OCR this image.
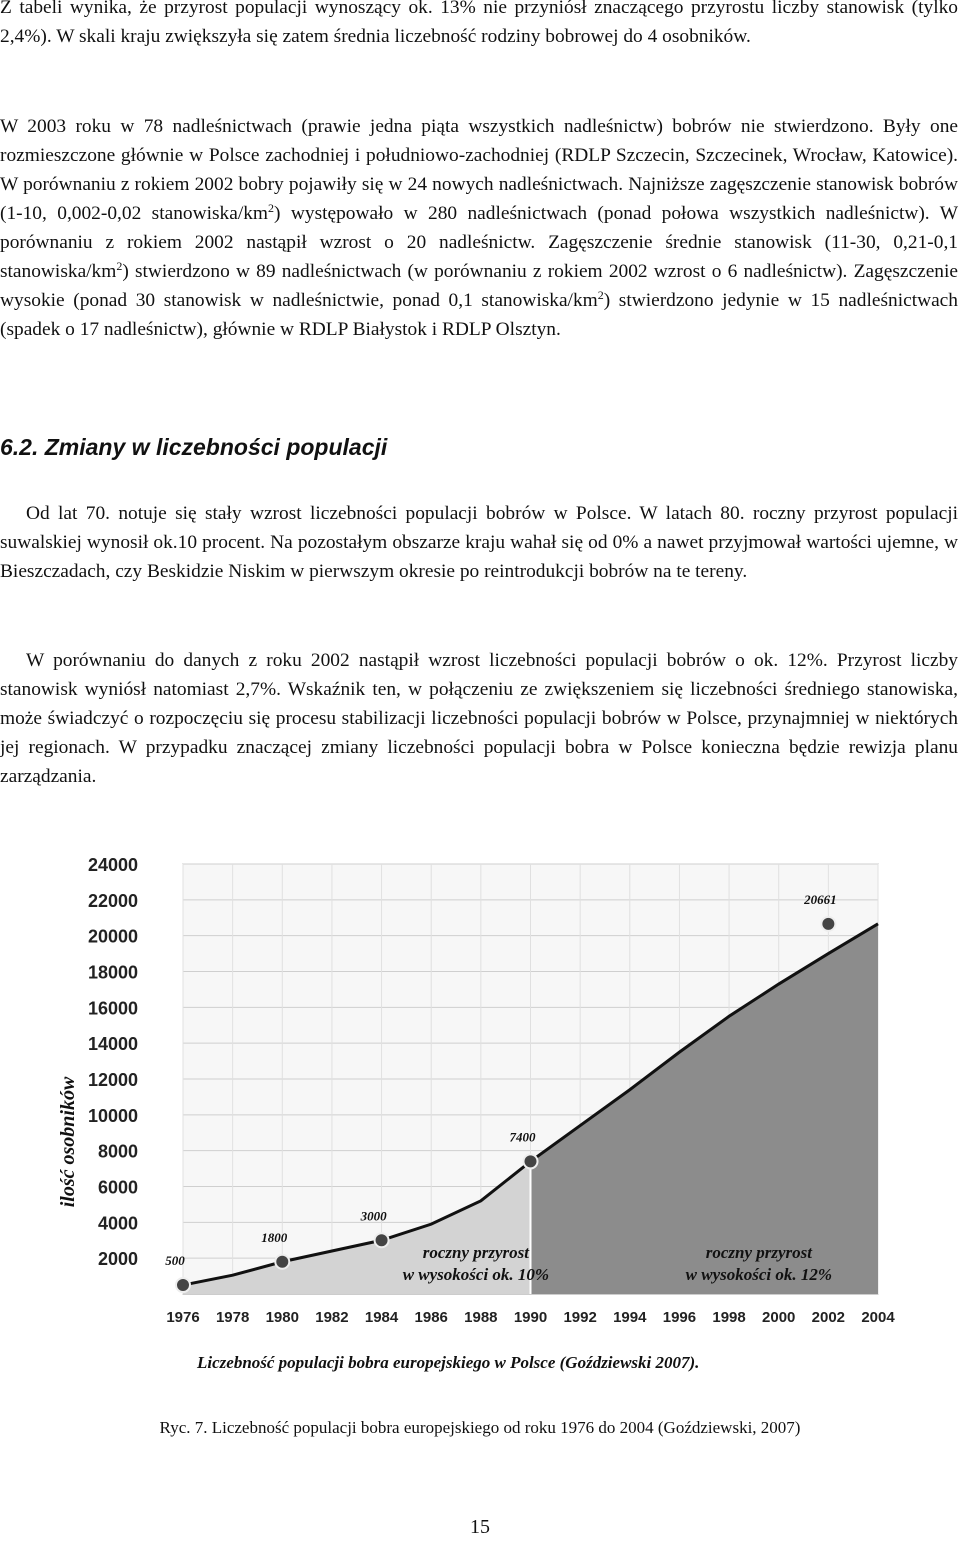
Z tabeli wynika, że przyrost populacji wynoszący ok. 13% nie przyniósł znaczącego przyrostu liczby stanowisk (tylko 2,4%). W skali kraju zwiększyła się zatem średnia liczebność rodziny bobrowej do 4 osobników.

W 2003 roku w 78 nadleśnictwach (prawie jedna piąta wszystkich nadleśnictw) bobrów nie stwierdzono. Były one rozmieszczone głównie w Polsce zachodniej i południowo-zachodniej (RDLP Szczecin, Szczecinek, Wrocław, Katowice). W porównaniu z rokiem 2002 bobry pojawiły się w 24 nowych nadleśnictwach. Najniższe zagęszczenie stanowisk bobrów (1-10, 0,002-0,02 stanowiska/$km^2$) występowało w 280 nadleśnictwach (ponad połowa wszystkich nadleśnictw). W porównaniu z rokiem 2002 nastąpił wzrost o 20 nadleśnictw. Zagęszczenie średnie stanowisk (11-30, 0,21-0,1 stanowiska/$km^2$) stwierdzono w 89 nadleśnictwach (w porównaniu z rokiem 2002 wzrost o 6 nadleśnictw). Zagęszczenie wysokie (ponad 30 stanowisk w nadleśnictwie, ponad 0,1 stanowiska/$km^2$) stwierdzono jedynie w 15 nadleśnictwach (spadek o 17 nadleśnictw), głównie w RDLP Białystok i RDLP Olsztyn.

6.2. Zmiany w liczebności populacji

Od lat 70. notuje się stały wzrost liczebności populacji bobrów w Polsce. W latach 80. roczny przyrost populacji suwalskiej wynosił ok.10 procent. Na pozostałym obszarze kraju wahał się od 0% a nawet przyjmował wartości ujemne, w Bieszczadach, czy Beskidzie Niskim w pierwszym okresie po reintrodukcji bobrów na te tereny.

W porównaniu do danych z roku 2002 nastąpił wzrost liczebności populacji bobrów o ok. 12%. Przyrost liczby stanowisk wyniósł natomiast 2,7%. Wskaźnik ten, w połączeniu ze zwiększeniem się liczebności średniego stanowiska, może świadczyć o rozpoczęciu się procesu stabilizacji liczebności populacji bobrów w Polsce, przynajmniej w niektórych jej regionach. W przypadku znaczącej zmiany liczebności populacji bobra w Polsce konieczna będzie rewizja planu zarządzania.

2000
4000
6000
8000
10000
12000
14000
16000
18000
20000
22000
24000
1976 1978 1980 1982 1984 1986 1988 1990 1992 1994 1996 1998 2000 2002 2004
500
1800
3000
7400
20661
roczny przyrost
w wysokości ok. 10%
roczny przyrost
w wysokości ok. 12%
ilość osobników
Liczebność populacji bobra europejskiego w Polsce (Goździewski 2007).

Ryc. 7. Liczebność populacji bobra europejskiego od roku 1976 do 2004 (Goździewski, 2007)

15
